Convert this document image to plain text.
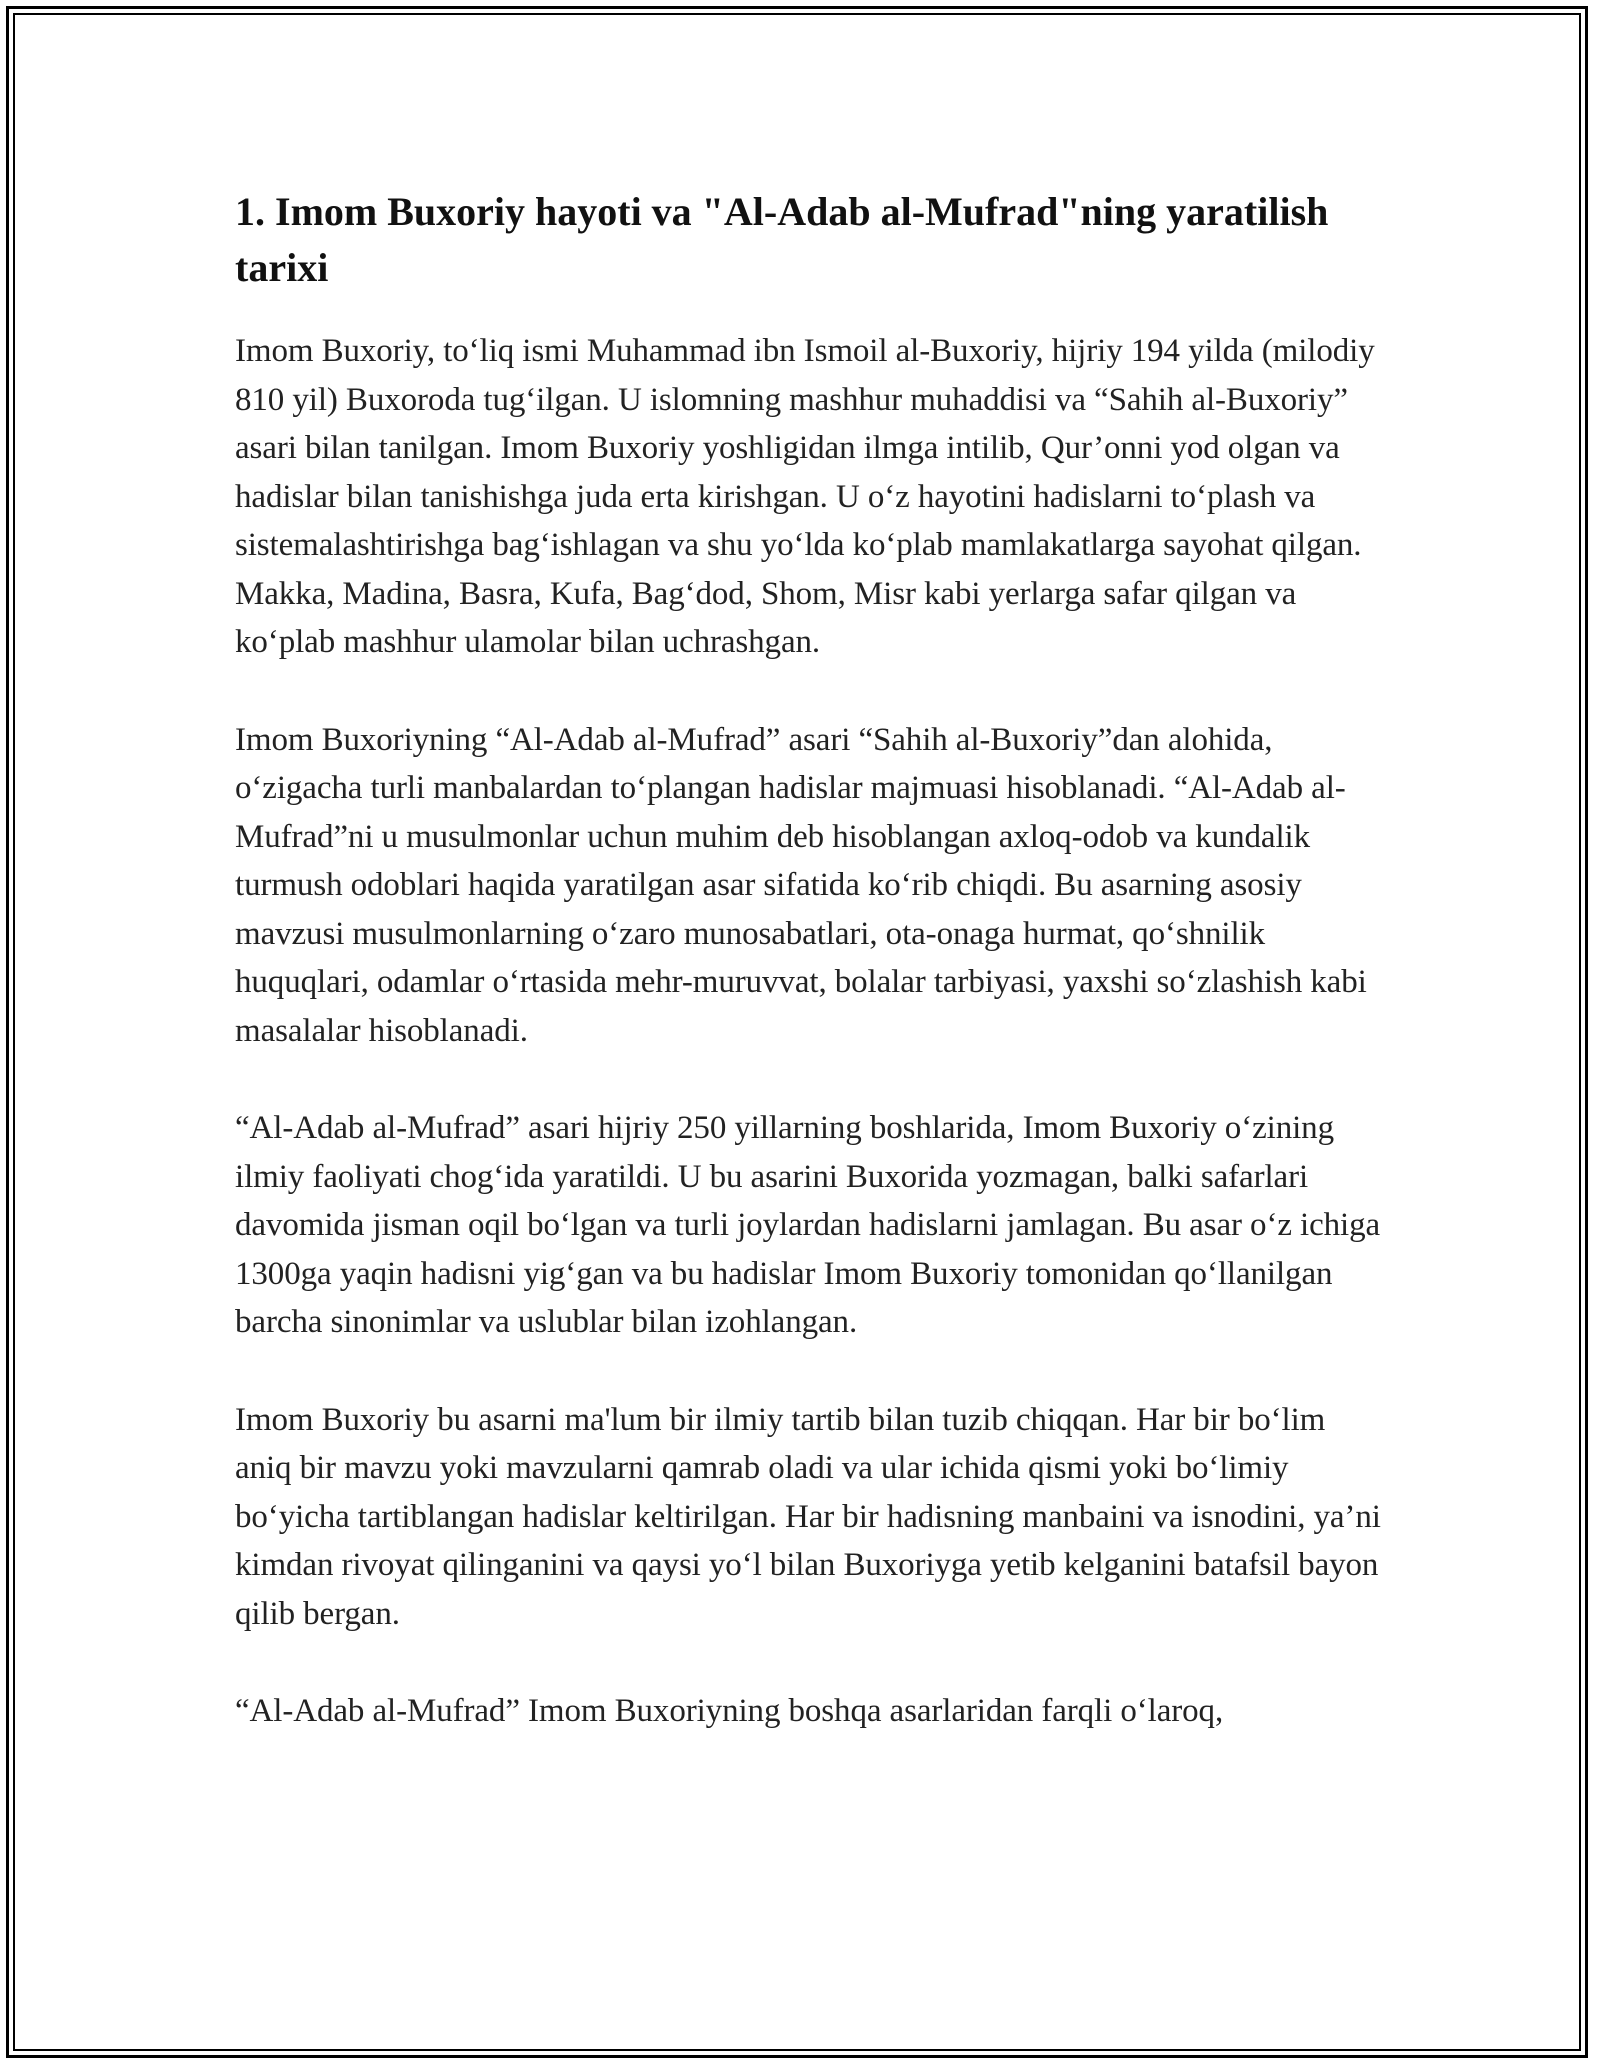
1. Imom Buxoriy hayoti va "Al-Adab al-Mufrad"ning yaratilish tarixi

Imom Buxoriy, to‘liq ismi Muhammad ibn Ismoil al-Buxoriy, hijriy 194 yilda (milodiy 810 yil) Buxoroda tug‘ilgan. U islomning mashhur muhaddisi va “Sahih al-Buxoriy” asari bilan tanilgan. Imom Buxoriy yoshligidan ilmga intilib, Qur’onni yod olgan va hadislar bilan tanishishga juda erta kirishgan. U o‘z hayotini hadislarni to‘plash va sistemalashtirishga bag‘ishlagan va shu yo‘lda ko‘plab mamlakatlarga sayohat qilgan. Makka, Madina, Basra, Kufa, Bag‘dod, Shom, Misr kabi yerlarga safar qilgan va ko‘plab mashhur ulamolar bilan uchrashgan.

Imom Buxoriyning “Al-Adab al-Mufrad” asari “Sahih al-Buxoriy”dan alohida, o‘zigacha turli manbalardan to‘plangan hadislar majmuasi hisoblanadi. “Al-Adab al-Mufrad”ni u musulmonlar uchun muhim deb hisoblangan axloq-odob va kundalik turmush odoblari haqida yaratilgan asar sifatida ko‘rib chiqdi. Bu asarning asosiy mavzusi musulmonlarning o‘zaro munosabatlari, ota-onaga hurmat, qo‘shnilik huquqlari, odamlar o‘rtasida mehr-muruvvat, bolalar tarbiyasi, yaxshi so‘zlashish kabi masalalar hisoblanadi.

“Al-Adab al-Mufrad” asari hijriy 250 yillarning boshlarida, Imom Buxoriy o‘zining ilmiy faoliyati chog‘ida yaratildi. U bu asarini Buxorida yozmagan, balki safarlari davomida jisman oqil bo‘lgan va turli joylardan hadislarni jamlagan. Bu asar o‘z ichiga 1300ga yaqin hadisni yig‘gan va bu hadislar Imom Buxoriy tomonidan qo‘llanilgan barcha sinonimlar va uslublar bilan izohlangan.

Imom Buxoriy bu asarni ma'lum bir ilmiy tartib bilan tuzib chiqqan. Har bir bo‘lim aniq bir mavzu yoki mavzularni qamrab oladi va ular ichida qismi yoki bo‘limiy bo‘yicha tartiblangan hadislar keltirilgan. Har bir hadisning manbaini va isnodini, ya’ni kimdan rivoyat qilinganini va qaysi yo‘l bilan Buxoriyga yetib kelganini batafsil bayon qilib bergan.

“Al-Adab al-Mufrad” Imom Buxoriyning boshqa asarlaridan farqli o‘laroq,
